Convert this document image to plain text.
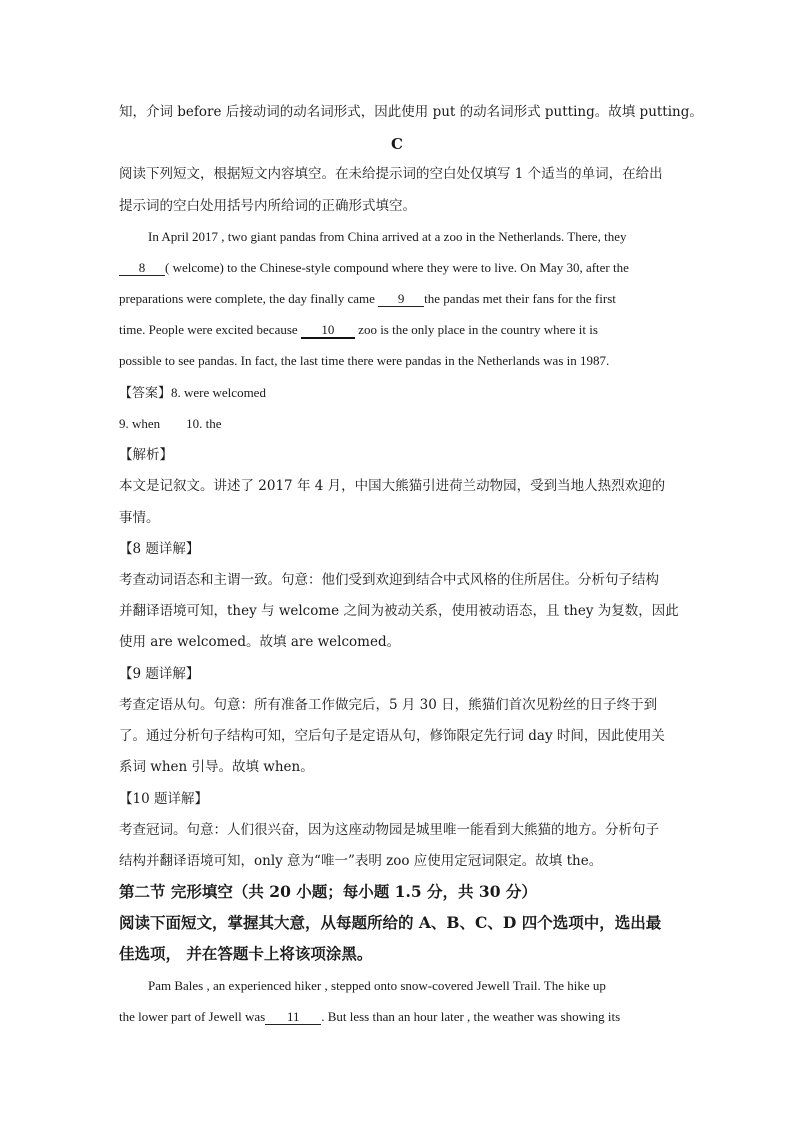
知，介词 before 后接动词的动名词形式，因此使用 put 的动名词形式 putting。故填 putting。
C
阅读下列短文，根据短文内容填空。在未给提示词的空白处仅填写 1 个适当的单词，在给出
提示词的空白处用括号内所给词的正确形式填空。
In April 2017 , two giant pandas from China arrived at a zoo in the Netherlands. There, they
8 ( welcome) to the Chinese-style compound where they were to live. On May 30, after the
preparations were complete, the day finally came 9 the pandas met their fans for the first
time. People were excited because 10 zoo is the only place in the country where it is
possible to see pandas. In fact, the last time there were pandas in the Netherlands was in 1987.
【答案】8. were welcomed
9. when 10. the
【解析】
本文是记叙文。讲述了 2017 年 4 月，中国大熊猫引进荷兰动物园，受到当地人热烈欢迎的
事情。
【8 题详解】
考查动词语态和主谓一致。句意：他们受到欢迎到结合中式风格的住所居住。分析句子结构
并翻译语境可知，they 与 welcome 之间为被动关系，使用被动语态，且 they 为复数，因此
使用 are welcomed。故填 are welcomed。
【9 题详解】
考查定语从句。句意：所有准备工作做完后，5 月 30 日，熊猫们首次见粉丝的日子终于到
了。通过分析句子结构可知，空后句子是定语从句，修饰限定先行词 day 时间，因此使用关
系词 when 引导。故填 when。
【10 题详解】
考查冠词。句意：人们很兴奋，因为这座动物园是城里唯一能看到大熊猫的地方。分析句子
结构并翻译语境可知，only 意为“唯一”表明 zoo 应使用定冠词限定。故填 the。
第二节 完形填空（共 20 小题；每小题 1.5 分，共 30 分）
阅读下面短文，掌握其大意，从每题所给的 A、B、C、D 四个选项中，选出最
佳选项， 并在答题卡上将该项涂黑。
Pam Bales , an experienced hiker , stepped onto snow-covered Jewell Trail. The hike up
the lower part of Jewell was 11 . But less than an hour later , the weather was showing its
